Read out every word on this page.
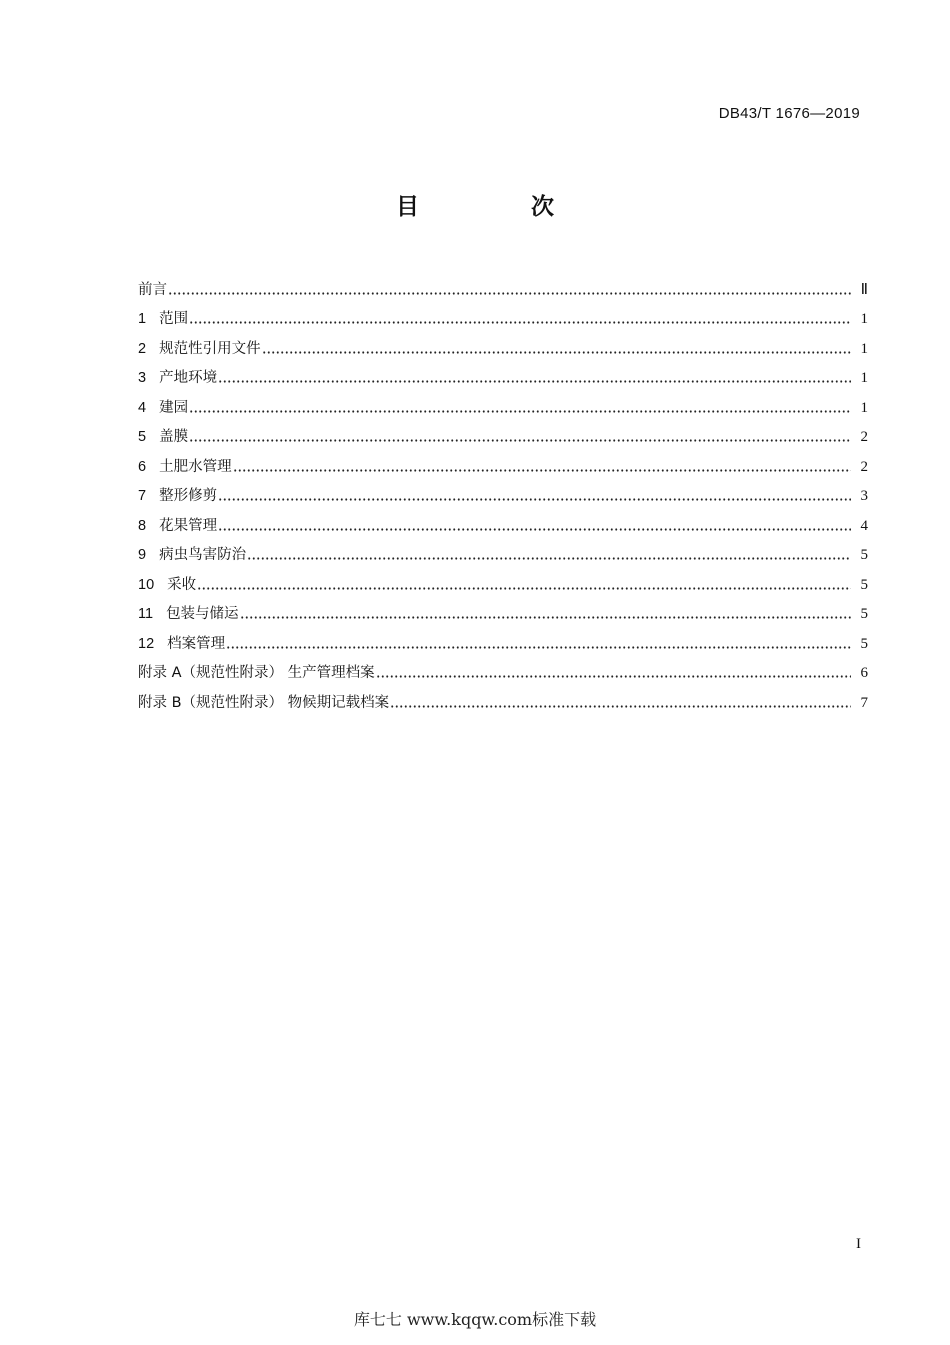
DB43/T 1676—2019
目 次
前言	Ⅱ
1 范围	1
2 规范性引用文件	1
3 产地环境	1
4 建园	1
5 盖膜	2
6 土肥水管理	2
7 整形修剪	3
8 花果管理	4
9 病虫鸟害防治	5
10 采收	5
11 包装与储运	5
12 档案管理	5
附录 A（规范性附录） 生产管理档案	6
附录 B（规范性附录） 物候期记载档案	7
I
库七七 www.kqqw.com标准下载
